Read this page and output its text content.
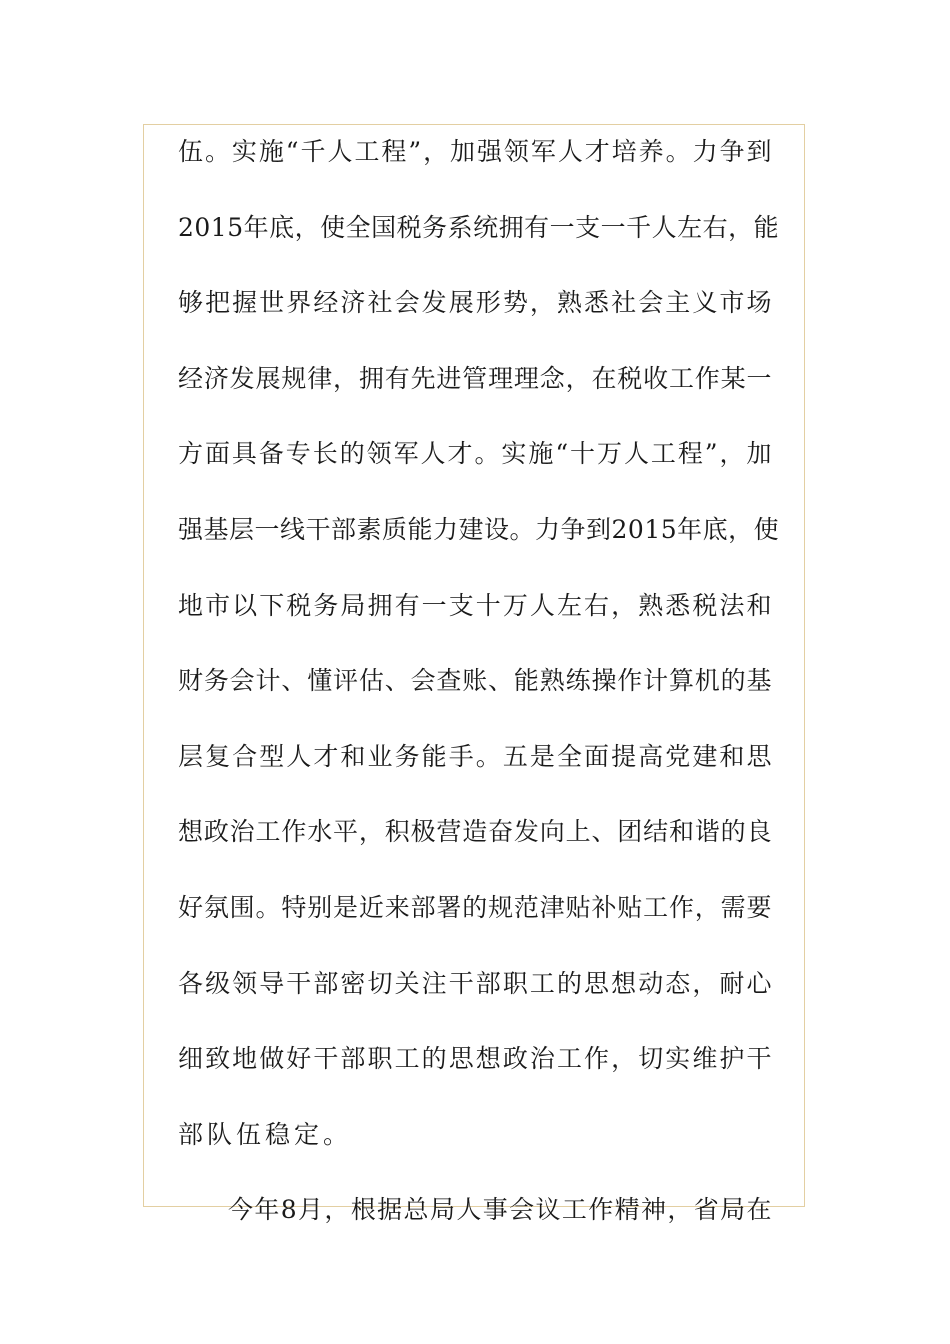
伍。实施“千人工程”，加强领军人才培养。力争到
2015年底，使全国税务系统拥有一支一千人左右，能
够把握世界经济社会发展形势，熟悉社会主义市场
经济发展规律，拥有先进管理理念，在税收工作某一
方面具备专长的领军人才。实施“十万人工程”，加
强基层一线干部素质能力建设。力争到2015年底，使
地市以下税务局拥有一支十万人左右，熟悉税法和
财务会计、懂评估、会查账、能熟练操作计算机的基
层复合型人才和业务能手。五是全面提高党建和思
想政治工作水平，积极营造奋发向上、团结和谐的良
好氛围。特别是近来部署的规范津贴补贴工作，需要
各级领导干部密切关注干部职工的思想动态，耐心
细致地做好干部职工的思想政治工作，切实维护干
部队伍稳定。
今年8月，根据总局人事会议工作精神，省局在
